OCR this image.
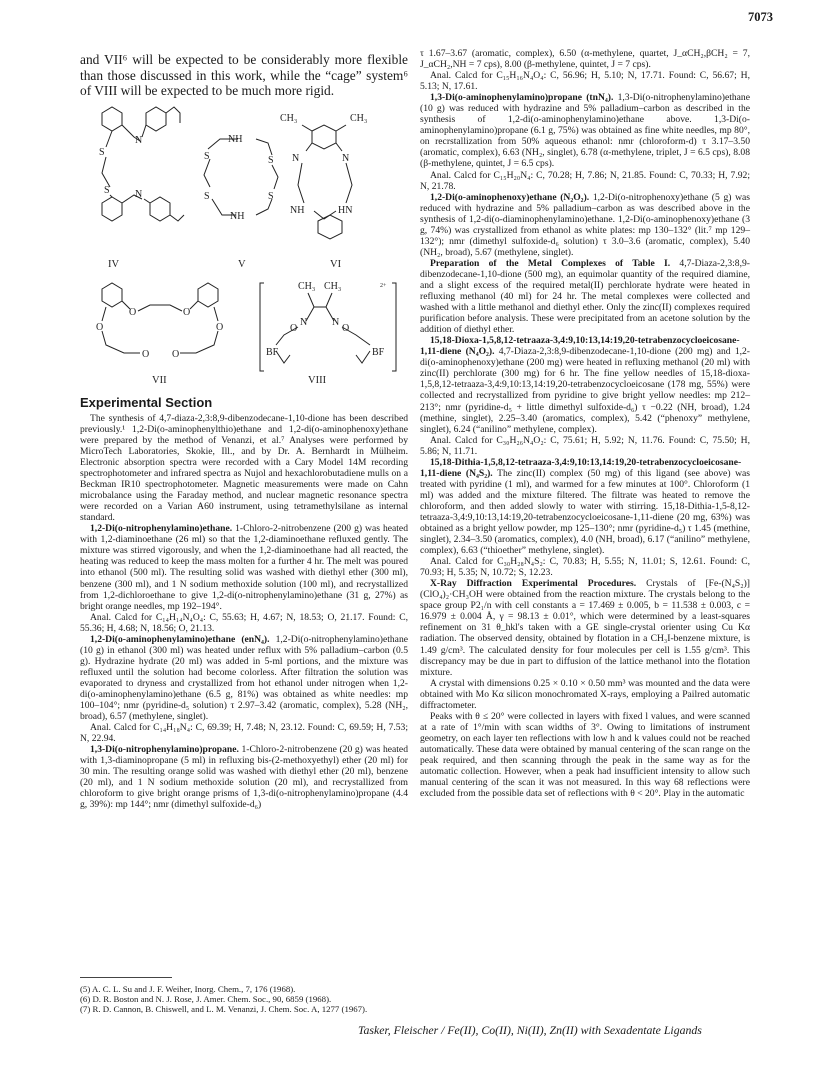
7073

and VII⁶ will be expected to be considerably more flexible than those discussed in this work, while the “cage” system⁶ of VIII will be expected to be much more rigid.

S
S
N
N
IV
NH
S	S
S	S
NH
V
CH₃	CH₃
N	N
NH	HN
VI
O	O
O	O
O O
VII
CH₃ CH₃	2+
O
N N
O
BF	BF
VIII
Experimental Section

The synthesis of 4,7-diaza-2,3:8,9-dibenzodecane-1,10-dione has been described previously.¹ 1,2-Di(o-aminophenylthio)ethane and 1,2-di(o-aminophenoxy)ethane were prepared by the method of Venanzi, et al.⁷ Analyses were performed by MicroTech Laboratories, Skokie, Ill., and by Dr. A. Bernhardt in Mülheim. Electronic absorption spectra were recorded with a Cary Model 14M recording spectrophotometer and infrared spectra as Nujol and hexachlorobutadiene mulls on a Beckman IR10 spectrophotometer. Magnetic measurements were made on Cahn microbalance using the Faraday method, and nuclear magnetic resonance spectra were recorded on a Varian A60 instrument, using tetramethylsilane as internal standard.

1,2-Di(o-nitrophenylamino)ethane. 1-Chloro-2-nitrobenzene (200 g) was heated with 1,2-diaminoethane (26 ml) so that the 1,2-diaminoethane refluxed gently. The mixture was stirred vigorously, and when the 1,2-diaminoethane had all reacted, the heating was reduced to keep the mass molten for a further 4 hr. The melt was poured into ethanol (500 ml). The resulting solid was washed with diethyl ether (300 ml), benzene (300 ml), and 1 N sodium methoxide solution (100 ml), and recrystallized from 1,2-dichloroethane to give 1,2-di(o-nitrophenylamino)ethane (31 g, 27%) as bright orange needles, mp 192–194°.

Anal. Calcd for C₁₄H₁₄N₄O₄: C, 55.63; H, 4.67; N, 18.53; O, 21.17. Found: C, 55.36; H, 4.68; N, 18.56; O, 21.13.

1,2-Di(o-aminophenylamino)ethane (enN₄). 1,2-Di(o-nitrophenylamino)ethane (10 g) in ethanol (300 ml) was heated under reflux with 5% palladium–carbon (0.5 g). Hydrazine hydrate (20 ml) was added in 5-ml portions, and the mixture was refluxed until the solution had become colorless. After filtration the solution was evaporated to dryness and crystallized from hot ethanol under nitrogen when 1,2-di(o-aminophenylamino)ethane (6.5 g, 81%) was obtained as white needles: mp 100–104°; nmr (pyridine-d₅ solution) τ 2.97–3.42 (aromatic, complex), 5.28 (NH₂, broad), 6.57 (methylene, singlet).

Anal. Calcd for C₁₄H₁₈N₄: C, 69.39; H, 7.48; N, 23.12. Found: C, 69.59; H, 7.53; N, 22.94.

1,3-Di(o-nitrophenylamino)propane. 1-Chloro-2-nitrobenzene (20 g) was heated with 1,3-diaminopropane (5 ml) in refluxing bis-(2-methoxyethyl) ether (20 ml) for 30 min. The resulting orange solid was washed with diethyl ether (20 ml), benzene (20 ml), and 1 N sodium methoxide solution (20 ml), and recrystallized from chloroform to give bright orange prisms of 1,3-di(o-nitrophenylamino)propane (4.4 g, 39%): mp 144°; nmr (dimethyl sulfoxide-d₆)

(5) A. C. L. Su and J. F. Weiher, Inorg. Chem., 7, 176 (1968).

(6) D. R. Boston and N. J. Rose, J. Amer. Chem. Soc., 90, 6859 (1968).

(7) R. D. Cannon, B. Chiswell, and L. M. Venanzi, J. Chem. Soc. A, 1277 (1967).

τ 1.67–3.67 (aromatic, complex), 6.50 (α-methylene, quartet, J_αCH₂,βCH₂ = 7, J_αCH₂,NH = 7 cps), 8.00 (β-methylene, quintet, J = 7 cps).

Anal. Calcd for C₁₅H₁₆N₄O₄: C, 56.96; H, 5.10; N, 17.71. Found: C, 56.67; H, 5.13; N, 17.61.

1,3-Di(o-aminophenylamino)propane (tnN₄). 1,3-Di(o-nitrophenylamino)ethane (10 g) was reduced with hydrazine and 5% palladium–carbon as described in the synthesis of 1,2-di(o-aminophenylamino)ethane above. 1,3-Di(o-aminophenylamino)propane (6.1 g, 75%) was obtained as fine white needles, mp 80°, on recrstallization from 50% aqueous ethanol: nmr (chloroform-d) τ 3.17–3.50 (aromatic, complex), 6.63 (NH₂, singlet), 6.78 (α-methylene, triplet, J = 6.5 cps), 8.08 (β-methylene, quintet, J = 6.5 cps).

Anal. Calcd for C₁₅H₂₀N₄: C, 70.28; H, 7.86; N, 21.85. Found: C, 70.33; H, 7.92; N, 21.78.

1,2-Di(o-aminophenoxy)ethane (N₂O₂). 1,2-Di(o-nitrophenoxy)ethane (5 g) was reduced with hydrazine and 5% palladium–carbon as was described above in the synthesis of 1,2-di(o-diaminophenylamino)ethane. 1,2-Di(o-aminophenoxy)ethane (3 g, 74%) was crystallized from ethanol as white plates: mp 130–132° (lit.⁷ mp 129–132°); nmr (dimethyl sulfoxide-d₆ solution) τ 3.0–3.6 (aromatic, complex), 5.40 (NH₂, broad), 5.67 (methylene, singlet).

Preparation of the Metal Complexes of Table I. 4,7-Diaza-2,3:8,9-dibenzodecane-1,10-dione (500 mg), an equimolar quantity of the required diamine, and a slight excess of the required metal(II) perchlorate hydrate were heated in refluxing methanol (40 ml) for 24 hr. The metal complexes were collected and washed with a little methanol and diethyl ether. Only the zinc(II) complexes required purification before analysis. These were precipitated from an acetone solution by the addition of diethyl ether.

15,18-Dioxa-1,5,8,12-tetraaza-3,4:9,10:13,14:19,20-tetrabenzocycloeicosane-1,11-diene (N₄O₂). 4,7-Diaza-2,3:8,9-dibenzodecane-1,10-dione (200 mg) and 1,2-di(o-aminophenoxy)ethane (200 mg) were heated in refluxing methanol (20 ml) with zinc(II) perchlorate (300 mg) for 6 hr. The fine yellow needles of 15,18-dioxa-1,5,8,12-tetraaza-3,4:9,10:13,14:19,20-tetrabenzocycloeicosane (178 mg, 55%) were collected and recrystallized from pyridine to give bright yellow needles: mp 212–213°; nmr (pyridine-d₅ + little dimethyl sulfoxide-d₆) τ −0.22 (NH, broad), 1.24 (methine, singlet), 2.25–3.40 (aromatics, complex), 5.42 (“phenoxy” methylene, singlet), 6.24 (“anilino” methylene, complex).

Anal. Calcd for C₃₀H₂₆N₄O₂: C, 75.61; H, 5.92; N, 11.76. Found: C, 75.50; H, 5.86; N, 11.71.

15,18-Dithia-1,5,8,12-tetraaza-3,4:9,10:13,14:19,20-tetrabenzocycloeicosane-1,11-diene (N₄S₂). The zinc(II) complex (50 mg) of this ligand (see above) was treated with pyridine (1 ml), and warmed for a few minutes at 100°. Chloroform (1 ml) was added and the mixture filtered. The filtrate was heated to remove the chloroform, and then added slowly to water with stirring. 15,18-Dithia-1,5-8,12-tetraaza-3,4:9,10:13,14:19,20-tetrabenzocycloeicosane-1,11-diene (20 mg, 63%) was obtained as a bright yellow powder, mp 125–130°; nmr (pyridine-d₅) τ 1.45 (methine, singlet), 2.34–3.50 (aromatics, complex), 4.0 (NH, broad), 6.17 (“anilino” methylene, complex), 6.63 (“thioether” methylene, singlet).

Anal. Calcd for C₃₀H₂₈N₄S₂: C, 70.83; H, 5.55; N, 11.01; S, 12.61. Found: C, 70.93; H, 5.35; N, 10.72; S, 12.23.

X-Ray Diffraction Experimental Procedures. Crystals of [Fe-(N₄S₂)](ClO₄)₂·CH₃OH were obtained from the reaction mixture. The crystals belong to the space group P2₁/n with cell constants a = 17.469 ± 0.005, b = 11.538 ± 0.003, c = 16.979 ± 0.004 Å, γ = 98.13 ± 0.01°, which were determined by a least-squares refinement on 31 θ_hkl's taken with a GE single-crystal orienter using Cu Kα radiation. The observed density, obtained by flotation in a CH₃I-benzene mixture, is 1.49 g/cm³. The calculated density for four molecules per cell is 1.55 g/cm³. This discrepancy may be due in part to diffusion of the lattice methanol into the flotation mixture.

A crystal with dimensions 0.25 × 0.10 × 0.50 mm³ was mounted and the data were obtained with Mo Kα silicon monochromated X-rays, employing a Pailred automatic diffractometer.

Peaks with θ ≤ 20° were collected in layers with fixed l values, and were scanned at a rate of 1°/min with scan widths of 3°. Owing to limitations of instrument geometry, on each layer ten reflections with low h and k values could not be reached automatically. These data were obtained by manual centering of the scan range on the peak required, and then scanning through the peak in the same way as for the automatic collection. However, when a peak had insufficient intensity to allow such manual centering of the scan it was not measured. In this way 68 reflections were excluded from the possible data set of reflections with θ < 20°. Play in the automatic

Tasker, Fleischer / Fe(II), Co(II), Ni(II), Zn(II) with Sexadentate Ligands
